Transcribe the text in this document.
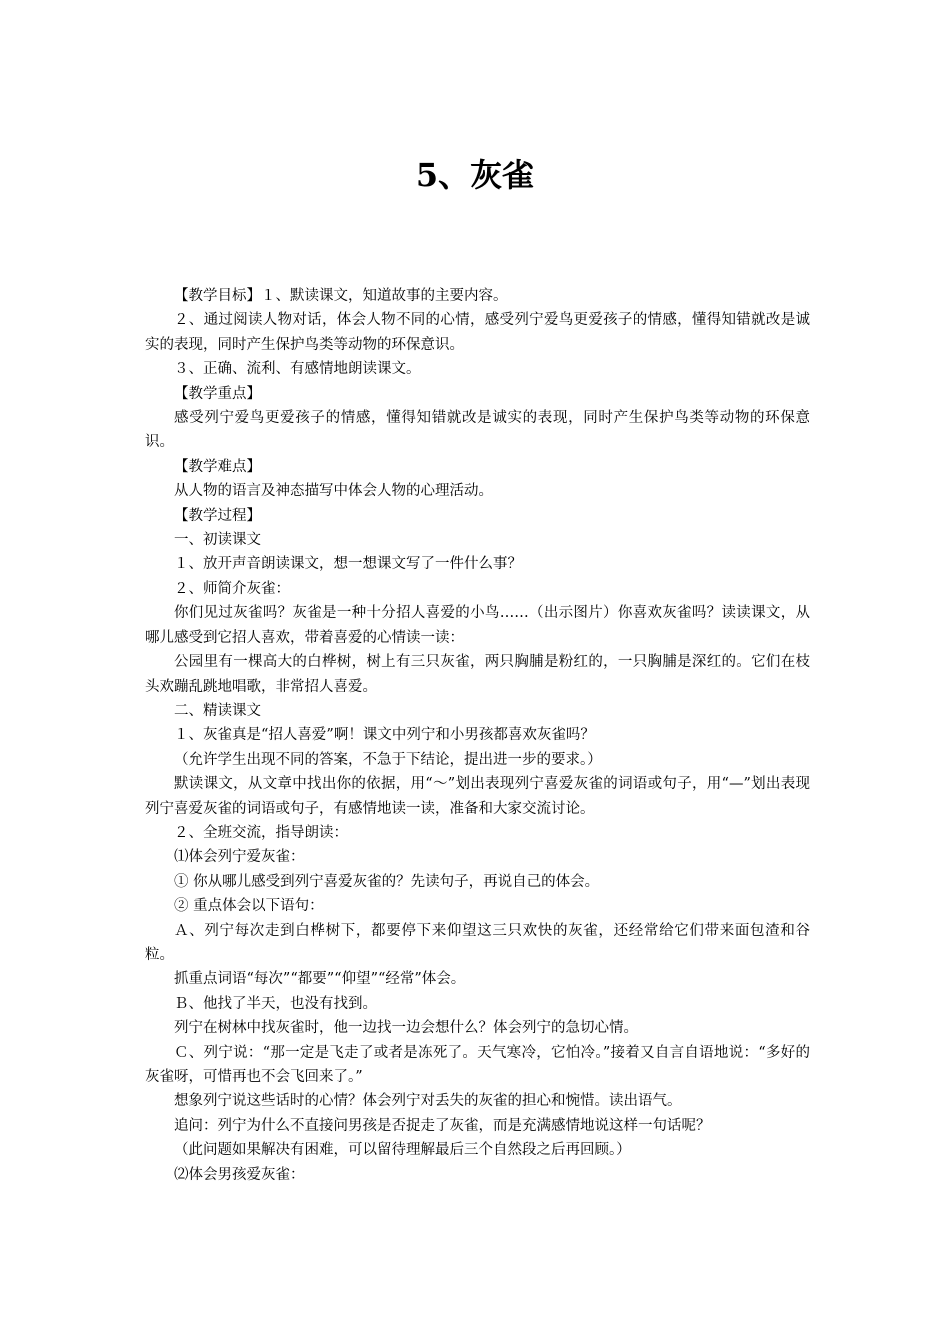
5、灰雀

【教学目标】１、默读课文，知道故事的主要内容。

２、通过阅读人物对话，体会人物不同的心情，感受列宁爱鸟更爱孩子的情感，懂得知错就改是诚实的表现，同时产生保护鸟类等动物的环保意识。

３、正确、流利、有感情地朗读课文。

【教学重点】

感受列宁爱鸟更爱孩子的情感，懂得知错就改是诚实的表现，同时产生保护鸟类等动物的环保意识。

【教学难点】

从人物的语言及神态描写中体会人物的心理活动。

【教学过程】

一、初读课文

１、放开声音朗读课文，想一想课文写了一件什么事？

２、师简介灰雀：

你们见过灰雀吗？灰雀是一种十分招人喜爱的小鸟……（出示图片）你喜欢灰雀吗？读读课文，从哪儿感受到它招人喜欢，带着喜爱的心情读一读：

公园里有一棵高大的白桦树，树上有三只灰雀，两只胸脯是粉红的，一只胸脯是深红的。它们在枝头欢蹦乱跳地唱歌，非常招人喜爱。

二、精读课文

１、灰雀真是“招人喜爱”啊！课文中列宁和小男孩都喜欢灰雀吗？

（允许学生出现不同的答案，不急于下结论，提出进一步的要求。）

默读课文，从文章中找出你的依据，用“～”划出表现列宁喜爱灰雀的词语或句子，用“—”划出表现列宁喜爱灰雀的词语或句子，有感情地读一读，准备和大家交流讨论。

２、全班交流，指导朗读：

⑴体会列宁爱灰雀：

① 你从哪儿感受到列宁喜爱灰雀的？先读句子，再说自己的体会。

② 重点体会以下语句：

Ａ、列宁每次走到白桦树下，都要停下来仰望这三只欢快的灰雀，还经常给它们带来面包渣和谷粒。

抓重点词语“每次”“都要”“仰望”“经常”体会。

Ｂ、他找了半天，也没有找到。

列宁在树林中找灰雀时，他一边找一边会想什么？体会列宁的急切心情。

Ｃ、列宁说：“那一定是飞走了或者是冻死了。天气寒冷，它怕冷。”接着又自言自语地说：“多好的灰雀呀，可惜再也不会飞回来了。”

想象列宁说这些话时的心情？体会列宁对丢失的灰雀的担心和惋惜。读出语气。

追问：列宁为什么不直接问男孩是否捉走了灰雀，而是充满感情地说这样一句话呢？

（此问题如果解决有困难，可以留待理解最后三个自然段之后再回顾。）

⑵体会男孩爱灰雀：
